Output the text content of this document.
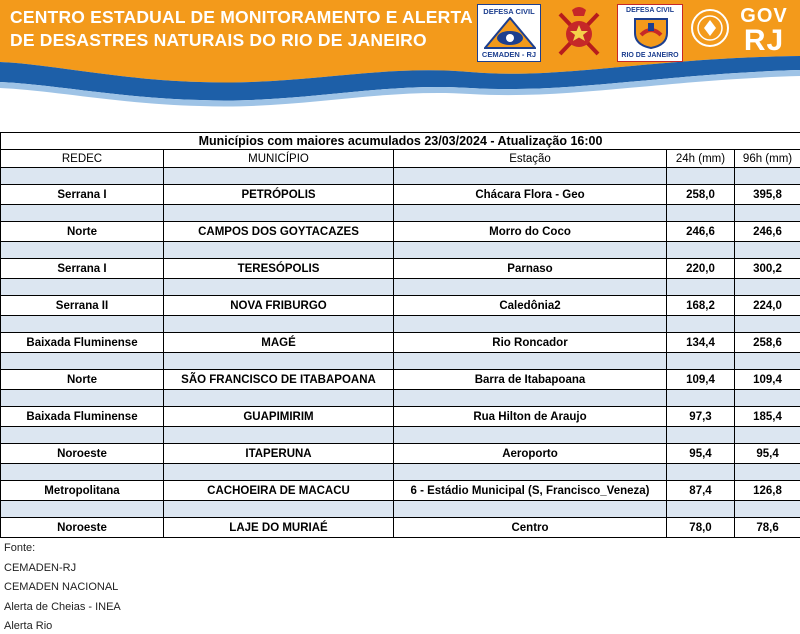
CENTRO ESTADUAL DE MONITORAMENTO E ALERTA
DE DESASTRES NATURAIS DO RIO DE JANEIRO
DEFESA CIVIL
CEMADEN - RJ
DEFESA CIVIL
RIO DE JANEIRO
GOV
RJ
Municípios com maiores acumulados 23/03/2024 - Atualização 16:00				
REDEC	MUNICÍPIO	Estação	24h (mm)	96h (mm)

Serrana I	PETRÓPOLIS	Chácara Flora - Geo	258,0	395,8

Norte	CAMPOS DOS GOYTACAZES	Morro do Coco	246,6	246,6

Serrana I	TERESÓPOLIS	Parnaso	220,0	300,2

Serrana II	NOVA FRIBURGO	Caledônia2	168,2	224,0

Baixada Fluminense	MAGÉ	Rio Roncador	134,4	258,6

Norte	SÃO FRANCISCO DE ITABAPOANA	Barra de Itabapoana	109,4	109,4

Baixada Fluminense	GUAPIMIRIM	Rua Hilton de Araujo	97,3	185,4

Noroeste	ITAPERUNA	Aeroporto	95,4	95,4

Metropolitana	CACHOEIRA DE MACACU	6 - Estádio Municipal (S, Francisco_Veneza)	87,4	126,8

Noroeste	LAJE DO MURIAÉ	Centro	78,0	78,6
Fonte:
CEMADEN-RJ
CEMADEN NACIONAL
Alerta de Cheias - INEA
Alerta Rio
